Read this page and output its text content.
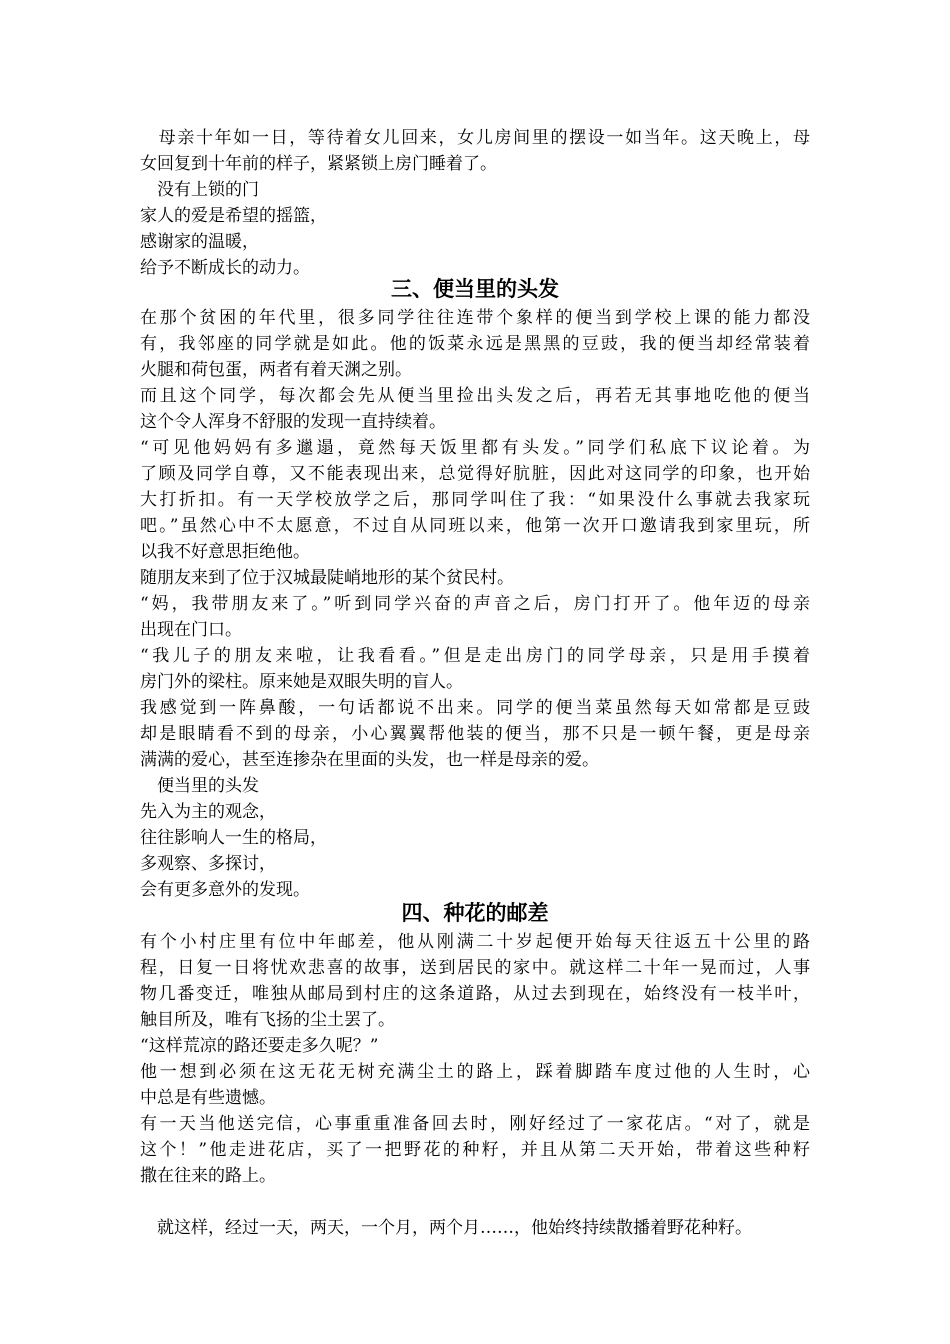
　母亲十年如一日，等待着女儿回来，女儿房间里的摆设一如当年。这天晚上，母
女回复到十年前的样子，紧紧锁上房门睡着了。
　没有上锁的门
家人的爱是希望的摇篮，
感谢家的温暖，
给予不断成长的动力。
三、便当里的头发
在那个贫困的年代里，很多同学往往连带个象样的便当到学校上课的能力都没
有，我邻座的同学就是如此。他的饭菜永远是黑黑的豆豉，我的便当却经常装着
火腿和荷包蛋，两者有着天渊之别。
而且这个同学，每次都会先从便当里捡出头发之后，再若无其事地吃他的便当
这个令人浑身不舒服的发现一直持续着。
“可见他妈妈有多邋遢，竟然每天饭里都有头发。”同学们私底下议论着。为
了顾及同学自尊，又不能表现出来，总觉得好肮脏，因此对这同学的印象，也开始
大打折扣。有一天学校放学之后，那同学叫住了我：“如果没什么事就去我家玩
吧。”虽然心中不太愿意，不过自从同班以来，他第一次开口邀请我到家里玩，所
以我不好意思拒绝他。
随朋友来到了位于汉城最陡峭地形的某个贫民村。
“妈，我带朋友来了。”听到同学兴奋的声音之后，房门打开了。他年迈的母亲
出现在门口。
“我儿子的朋友来啦，让我看看。”但是走出房门的同学母亲，只是用手摸着
房门外的梁柱。原来她是双眼失明的盲人。
我感觉到一阵鼻酸，一句话都说不出来。同学的便当菜虽然每天如常都是豆豉
却是眼睛看不到的母亲，小心翼翼帮他装的便当，那不只是一顿午餐，更是母亲
满满的爱心，甚至连掺杂在里面的头发，也一样是母亲的爱。
　便当里的头发
先入为主的观念，
往往影响人一生的格局，
多观察、多探讨，
会有更多意外的发现。
四、种花的邮差
有个小村庄里有位中年邮差，他从刚满二十岁起便开始每天往返五十公里的路
程，日复一日将忧欢悲喜的故事，送到居民的家中。就这样二十年一晃而过，人事
物几番变迁，唯独从邮局到村庄的这条道路，从过去到现在，始终没有一枝半叶，
触目所及，唯有飞扬的尘土罢了。
“这样荒凉的路还要走多久呢？”
他一想到必须在这无花无树充满尘土的路上，踩着脚踏车度过他的人生时，心
中总是有些遗憾。
有一天当他送完信，心事重重准备回去时，刚好经过了一家花店。“对了，就是
这个！”他走进花店，买了一把野花的种籽，并且从第二天开始，带着这些种籽
撒在往来的路上。
　就这样，经过一天，两天，一个月，两个月……，他始终持续散播着野花种籽。
